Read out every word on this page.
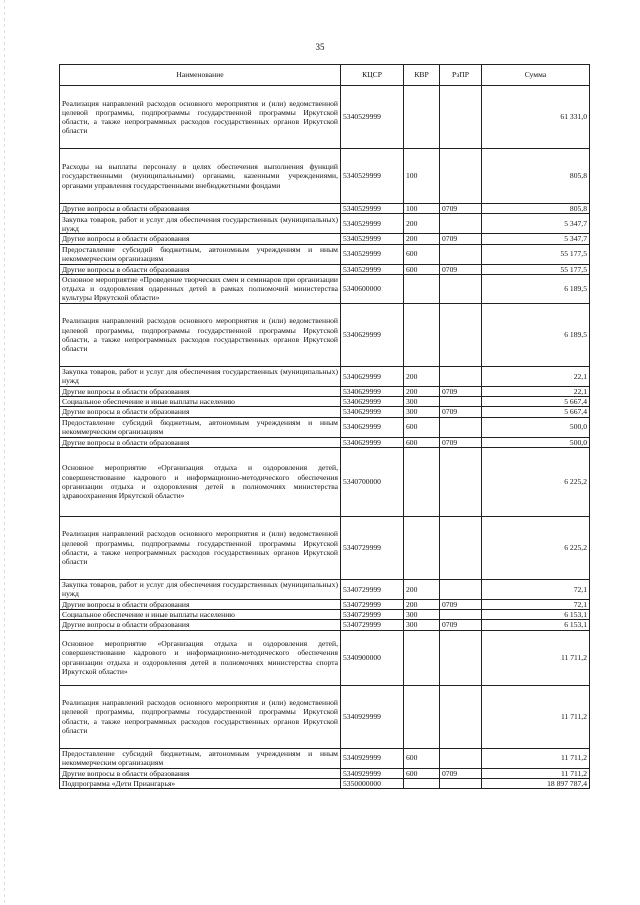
35
Наименование	КЦСР	КВР	РзПР	Сумма
Реализация направлений расходов основного мероприятия и (или) ведомственной целевой программы, подпрограммы государственной программы Иркутской области, а также непрограммных расходов государственных органов Иркутской области	5340529999			61 331,0
Расходы на выплаты персоналу в целях обеспечения выполнения функций государственными (муниципальными) органами, казенными учреждениями, органами управления государственными внебюджетными фондами	5340529999	100		805,8
Другие вопросы в области образования	5340529999	100	0709	805,8
Закупка товаров, работ и услуг для обеспечения государственных (муниципальных) нужд	5340529999	200		5 347,7
Другие вопросы в области образования	5340529999	200	0709	5 347,7
Предоставление субсидий бюджетным, автономным учреждениям и иным некоммерческим организациям	5340529999	600		55 177,5
Другие вопросы в области образования	5340529999	600	0709	55 177,5
Основное мероприятие «Проведение творческих смен и семинаров при организации отдыха и оздоровления одаренных детей в рамках полномочий министерства культуры Иркутской области»	5340600000			6 189,5
Реализация направлений расходов основного мероприятия и (или) ведомственной целевой программы, подпрограммы государственной программы Иркутской области, а также непрограммных расходов государственных органов Иркутской области	5340629999			6 189,5
Закупка товаров, работ и услуг для обеспечения государственных (муниципальных) нужд	5340629999	200		22,1
Другие вопросы в области образования	5340629999	200	0709	22,1
Социальное обеспечение и иные выплаты населению	5340629999	300		5 667,4
Другие вопросы в области образования	5340629999	300	0709	5 667,4
Предоставление субсидий бюджетным, автономным учреждениям и иным некоммерческим организациям	5340629999	600		500,0
Другие вопросы в области образования	5340629999	600	0709	500,0
Основное мероприятие «Организация отдыха и оздоровления детей, совершенствование кадрового и информационно-методического обеспечения организации отдыха и оздоровления детей в полномочиях министерства здравоохранения Иркутской области»	5340700000			6 225,2
Реализация направлений расходов основного мероприятия и (или) ведомственной целевой программы, подпрограммы государственной программы Иркутской области, а также непрограммных расходов государственных органов Иркутской области	5340729999			6 225,2
Закупка товаров, работ и услуг для обеспечения государственных (муниципальных) нужд	5340729999	200		72,1
Другие вопросы в области образования	5340729999	200	0709	72,1
Социальное обеспечение и иные выплаты населению	5340729999	300		6 153,1
Другие вопросы в области образования	5340729999	300	0709	6 153,1
Основное мероприятие «Организация отдыха и оздоровления детей, совершенствование кадрового и информационно-методического обеспечения организации отдыха и оздоровления детей в полномочиях министерства спорта Иркутской области»	5340900000			11 711,2
Реализация направлений расходов основного мероприятия и (или) ведомственной целевой программы, подпрограммы государственной программы Иркутской области, а также непрограммных расходов государственных органов Иркутской области	5340929999			11 711,2
Предоставление субсидий бюджетным, автономным учреждениям и иным некоммерческим организациям	5340929999	600		11 711,2
Другие вопросы в области образования	5340929999	600	0709	11 711,2
Подпрограмма «Дети Приангарья»	5350000000			18 897 787,4
